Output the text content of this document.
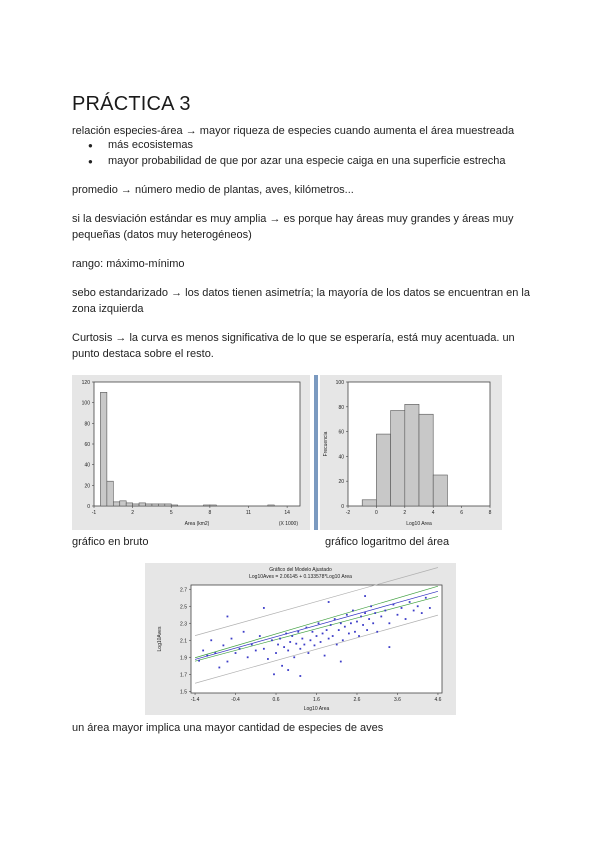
PRÁCTICA 3
relación especies-área → mayor riqueza de especies cuando aumenta el área muestreada
● más ecosistemas
● mayor probabilidad de que por azar una especie caiga en una superficie estrecha
promedio → número medio de plantas, aves, kilómetros...
si la desviación estándar es muy amplia → es porque hay áreas muy grandes y áreas muy pequeñas (datos muy heterogéneos)
rango: máximo-mínimo
sebo estandarizado → los datos tienen asimetría; la mayoría de los datos se encuentran en la zona izquierda
Curtosis → la curva es menos significativa de lo que se esperaría, está muy acentuada. un punto destaca sobre el resto.
0
20
40
60
80
100
120
-1	2	5	8	11	14
Area (km2)	(X 1000)
0
20
40
60
80
100
-2	0	2	4	6	8
Log10 Area
Frecuencia
gráfico en bruto	gráfico logaritmo del área
Gráfico del Modelo Ajustado
Log10Aves = 2.06145 + 0.133578*Log10 Area
1.5
1.7
1.9
2.1
2.3
2.5
2.7
-1.4	-0.4	0.6	1.6	2.6	3.6	4.6
Log10 Area
Log10Aves
un área mayor implica una mayor cantidad de especies de aves
